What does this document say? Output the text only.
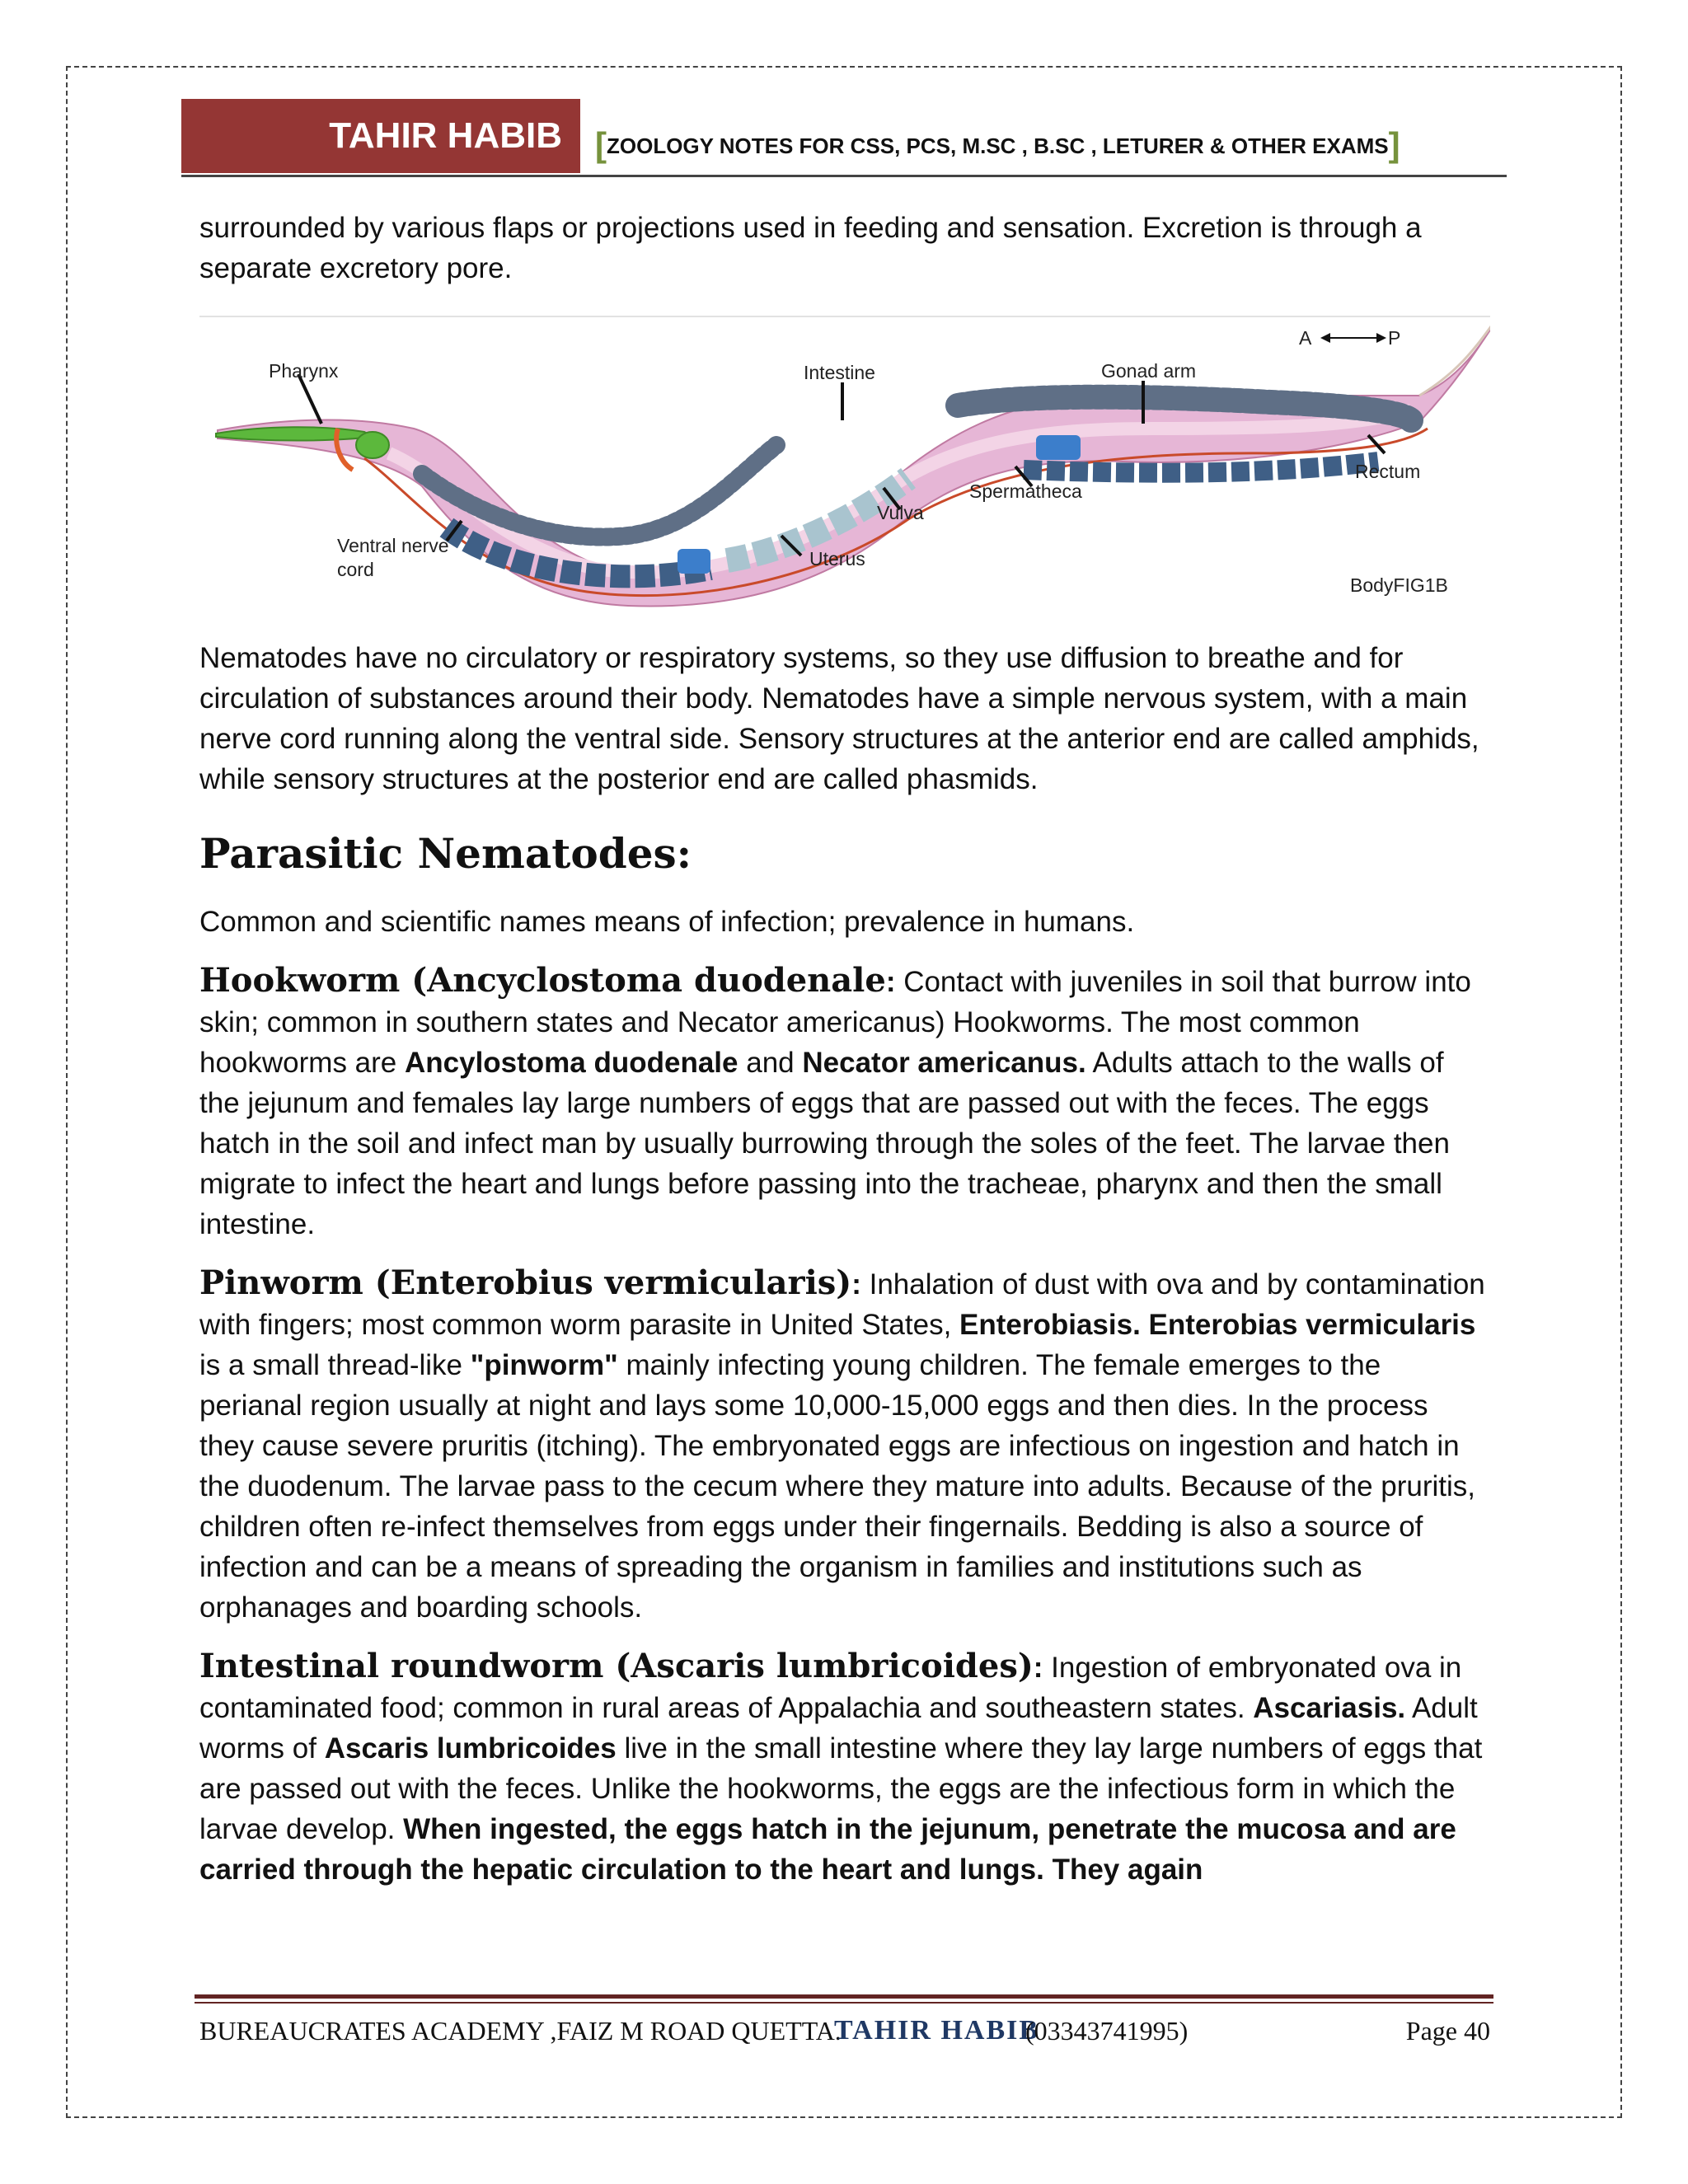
TAHIR HABIB [ZOOLOGY NOTES FOR CSS, PCS, M.SC , B.SC , LETURER & OTHER EXAMS]

surrounded by various flaps or projections used in feeding and sensation. Excretion is through a separate excretory pore.

Pharynx	Intestine	Gonad arm
A	P
Rectum
Spermatheca
Vulva
Uterus
Ventral nerve
cord
BodyFIG1B

Nematodes have no circulatory or respiratory systems, so they use diffusion to breathe and for circulation of substances around their body. Nematodes have a simple nervous system, with a main nerve cord running along the ventral side. Sensory structures at the anterior end are called amphids, while sensory structures at the posterior end are called phasmids.

Parasitic Nematodes:

Common and scientific names means of infection; prevalence in humans.

Hookworm (Ancyclostoma duodenale: Contact with juveniles in soil that burrow into skin; common in southern states and Necator americanus) Hookworms. The most common hookworms are Ancylostoma duodenale and Necator americanus. Adults attach to the walls of the jejunum and females lay large numbers of eggs that are passed out with the feces. The eggs hatch in the soil and infect man by usually burrowing through the soles of the feet. The larvae then migrate to infect the heart and lungs before passing into the tracheae, pharynx and then the small intestine.

Pinworm (Enterobius vermicularis): Inhalation of dust with ova and by contamination with fingers; most common worm parasite in United States, Enterobiasis. Enterobias vermicularis is a small thread-like "pinworm" mainly infecting young children. The female emerges to the perianal region usually at night and lays some 10,000-15,000 eggs and then dies. In the process they cause severe pruritis (itching). The embryonated eggs are infectious on ingestion and hatch in the duodenum. The larvae pass to the cecum where they mature into adults. Because of the pruritis, children often re-infect themselves from eggs under their fingernails. Bedding is also a source of infection and can be a means of spreading the organism in families and institutions such as orphanages and boarding schools.

Intestinal roundworm (Ascaris lumbricoides): Ingestion of embryonated ova in contaminated food; common in rural areas of Appalachia and southeastern states. Ascariasis. Adult worms of Ascaris lumbricoides live in the small intestine where they lay large numbers of eggs that are passed out with the feces. Unlike the hookworms, the eggs are the infectious form in which the larvae develop. When ingested, the eggs hatch in the jejunum, penetrate the mucosa and are carried through the hepatic circulation to the heart and lungs. They again

BUREAUCRATES ACADEMY ,FAIZ M ROAD QUETTA.
TAHIR HABIB
(03343741995)	Page 40
